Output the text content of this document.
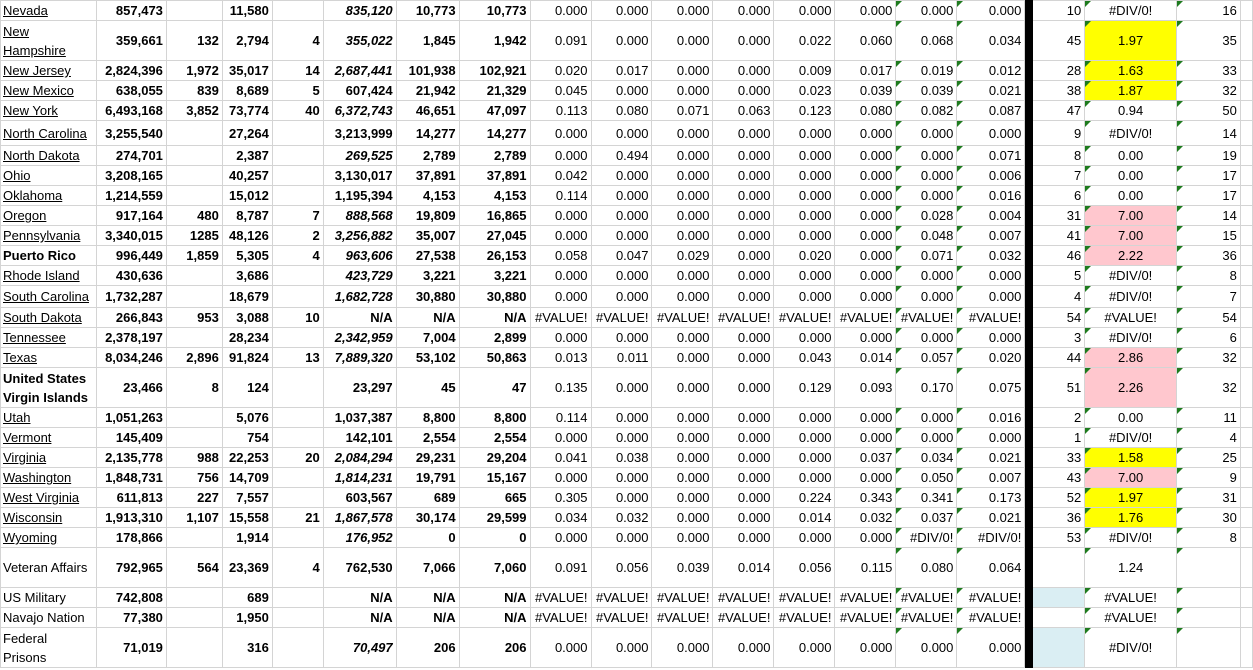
Nevada	857,473		11,580		835,120	10,773	10,773	0.000	0.000	0.000	0.000	0.000	0.000	0.000	0.000		10	#DIV/0!	16	
New Hampshire	359,661	132	2,794	4	355,022	1,845	1,942	0.091	0.000	0.000	0.000	0.022	0.060	0.068	0.034		45	1.97	35	
New Jersey	2,824,396	1,972	35,017	14	2,687,441	101,938	102,921	0.020	0.017	0.000	0.000	0.009	0.017	0.019	0.012		28	1.63	33	
New Mexico	638,055	839	8,689	5	607,424	21,942	21,329	0.045	0.000	0.000	0.000	0.023	0.039	0.039	0.021		38	1.87	32	
New York	6,493,168	3,852	73,774	40	6,372,743	46,651	47,097	0.113	0.080	0.071	0.063	0.123	0.080	0.082	0.087		47	0.94	50	
North Carolina	3,255,540		27,264		3,213,999	14,277	14,277	0.000	0.000	0.000	0.000	0.000	0.000	0.000	0.000		9	#DIV/0!	14	
North Dakota	274,701		2,387		269,525	2,789	2,789	0.000	0.494	0.000	0.000	0.000	0.000	0.000	0.071		8	0.00	19	
Ohio	3,208,165		40,257		3,130,017	37,891	37,891	0.042	0.000	0.000	0.000	0.000	0.000	0.000	0.006		7	0.00	17	
Oklahoma	1,214,559		15,012		1,195,394	4,153	4,153	0.114	0.000	0.000	0.000	0.000	0.000	0.000	0.016		6	0.00	17	
Oregon	917,164	480	8,787	7	888,568	19,809	16,865	0.000	0.000	0.000	0.000	0.000	0.000	0.028	0.004		31	7.00	14	
Pennsylvania	3,340,015	1285	48,126	2	3,256,882	35,007	27,045	0.000	0.000	0.000	0.000	0.000	0.000	0.048	0.007		41	7.00	15	
Puerto Rico	996,449	1,859	5,305	4	963,606	27,538	26,153	0.058	0.047	0.029	0.000	0.020	0.000	0.071	0.032		46	2.22	36	
Rhode Island	430,636		3,686		423,729	3,221	3,221	0.000	0.000	0.000	0.000	0.000	0.000	0.000	0.000		5	#DIV/0!	8	
South Carolina	1,732,287		18,679		1,682,728	30,880	30,880	0.000	0.000	0.000	0.000	0.000	0.000	0.000	0.000		4	#DIV/0!	7	
South Dakota	266,843	953	3,088	10	N/A	N/A	N/A	#VALUE!	#VALUE!	#VALUE!	#VALUE!	#VALUE!	#VALUE!	#VALUE!	#VALUE!		54	#VALUE!	54	
Tennessee	2,378,197		28,234		2,342,959	7,004	2,899	0.000	0.000	0.000	0.000	0.000	0.000	0.000	0.000		3	#DIV/0!	6	
Texas	8,034,246	2,896	91,824	13	7,889,320	53,102	50,863	0.013	0.011	0.000	0.000	0.043	0.014	0.057	0.020		44	2.86	32	
United States Virgin Islands	23,466	8	124		23,297	45	47	0.135	0.000	0.000	0.000	0.129	0.093	0.170	0.075		51	2.26	32	
Utah	1,051,263		5,076		1,037,387	8,800	8,800	0.114	0.000	0.000	0.000	0.000	0.000	0.000	0.016		2	0.00	11	
Vermont	145,409		754		142,101	2,554	2,554	0.000	0.000	0.000	0.000	0.000	0.000	0.000	0.000		1	#DIV/0!	4	
Virginia	2,135,778	988	22,253	20	2,084,294	29,231	29,204	0.041	0.038	0.000	0.000	0.000	0.037	0.034	0.021		33	1.58	25	
Washington	1,848,731	756	14,709		1,814,231	19,791	15,167	0.000	0.000	0.000	0.000	0.000	0.000	0.050	0.007		43	7.00	9	
West Virginia	611,813	227	7,557		603,567	689	665	0.305	0.000	0.000	0.000	0.224	0.343	0.341	0.173		52	1.97	31	
Wisconsin	1,913,310	1,107	15,558	21	1,867,578	30,174	29,599	0.034	0.032	0.000	0.000	0.014	0.032	0.037	0.021		36	1.76	30	
Wyoming	178,866		1,914		176,952	0	0	0.000	0.000	0.000	0.000	0.000	0.000	#DIV/0!	#DIV/0!		53	#DIV/0!	8	
Veteran Affairs	792,965	564	23,369	4	762,530	7,066	7,060	0.091	0.056	0.039	0.014	0.056	0.115	0.080	0.064			1.24		
US Military	742,808		689		N/A	N/A	N/A	#VALUE!	#VALUE!	#VALUE!	#VALUE!	#VALUE!	#VALUE!	#VALUE!	#VALUE!			#VALUE!		
Navajo Nation	77,380		1,950		N/A	N/A	N/A	#VALUE!	#VALUE!	#VALUE!	#VALUE!	#VALUE!	#VALUE!	#VALUE!	#VALUE!			#VALUE!		
Federal Prisons	71,019		316		70,497	206	206	0.000	0.000	0.000	0.000	0.000	0.000	0.000	0.000			#DIV/0!		
